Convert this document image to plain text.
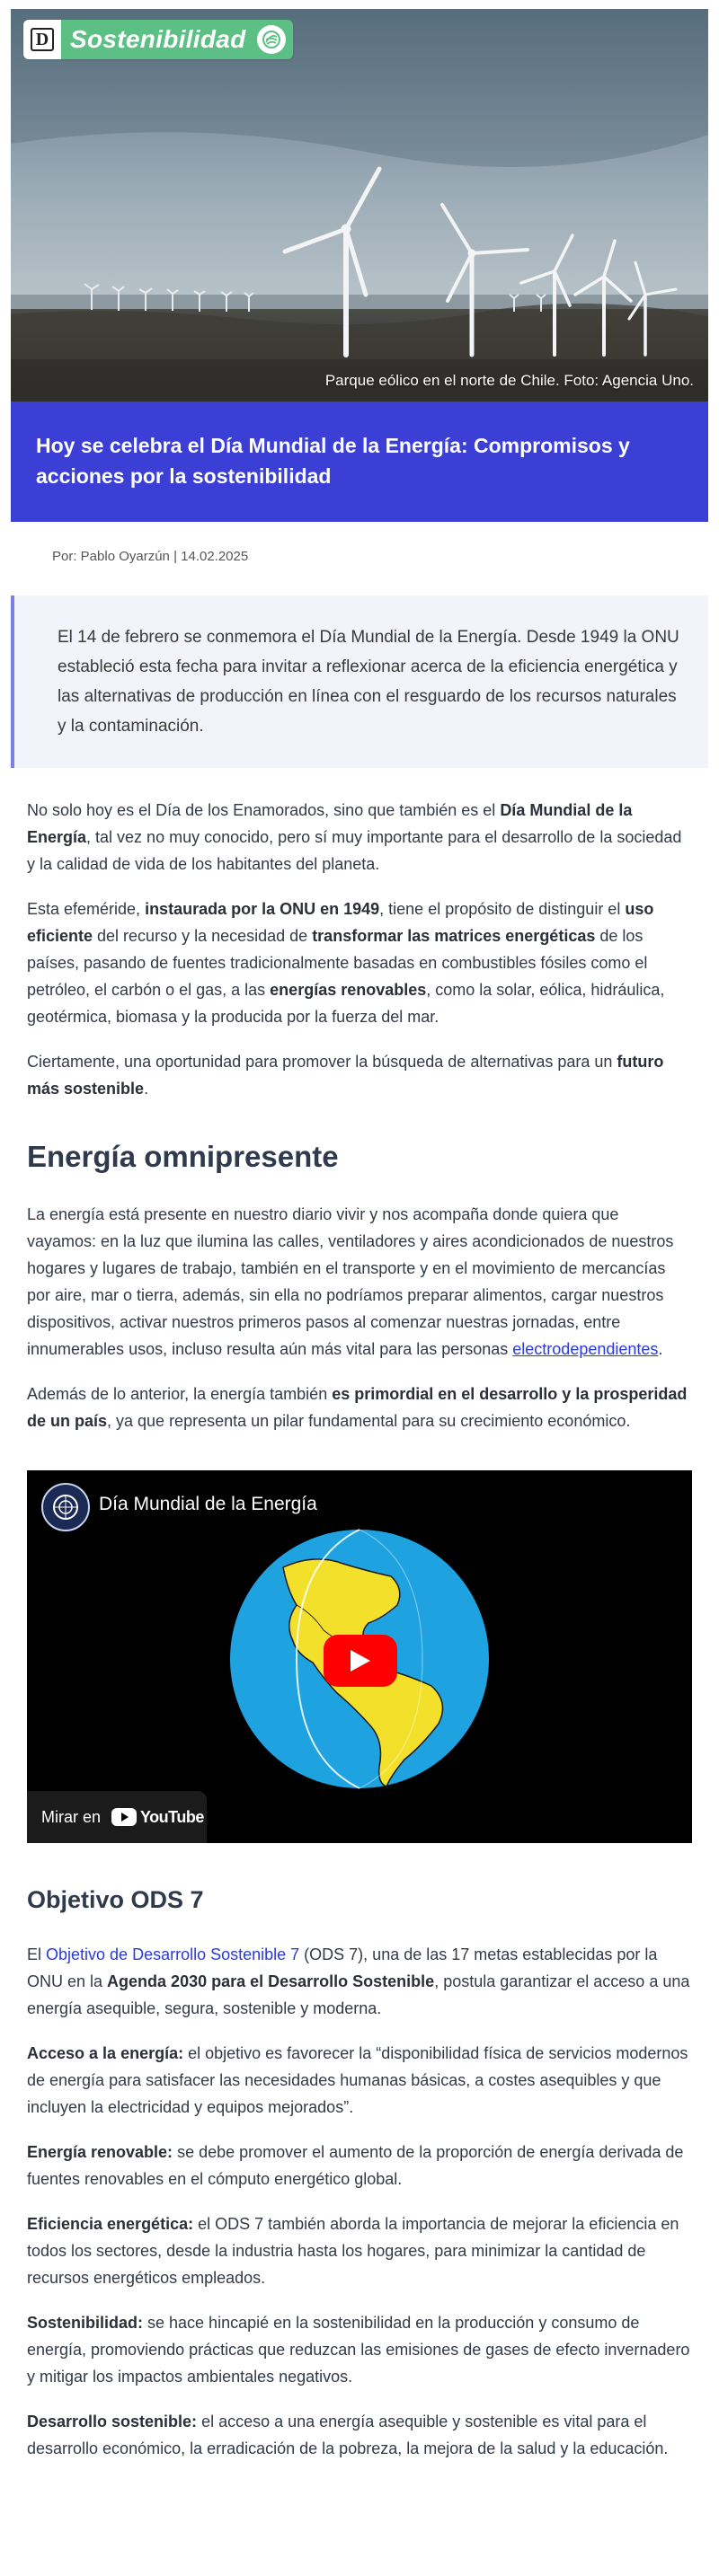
D Sostenibilidad
Parque eólico en el norte de Chile. Foto: Agencia Uno.
Hoy se celebra el Día Mundial de la Energía: Compromisos y acciones por la sostenibilidad
Por: Pablo Oyarzún | 14.02.2025

El 14 de febrero se conmemora el Día Mundial de la Energía. Desde 1949 la ONU estableció esta fecha para invitar a reflexionar acerca de la eficiencia energética y las alternativas de producción en línea con el resguardo de los recursos naturales y la contaminación.

No solo hoy es el Día de los Enamorados, sino que también es el Día Mundial de la Energía, tal vez no muy conocido, pero sí muy importante para el desarrollo de la sociedad y la calidad de vida de los habitantes del planeta.

Esta efeméride, instaurada por la ONU en 1949, tiene el propósito de distinguir el uso eficiente del recurso y la necesidad de transformar las matrices energéticas de los países, pasando de fuentes tradicionalmente basadas en combustibles fósiles como el petróleo, el carbón o el gas, a las energías renovables, como la solar, eólica, hidráulica, geotérmica, biomasa y la producida por la fuerza del mar.

Ciertamente, una oportunidad para promover la búsqueda de alternativas para un futuro más sostenible.

Energía omnipresente

La energía está presente en nuestro diario vivir y nos acompaña donde quiera que vayamos: en la luz que ilumina las calles, ventiladores y aires acondicionados de nuestros hogares y lugares de trabajo, también en el transporte y en el movimiento de mercancías por aire, mar o tierra, además, sin ella no podríamos preparar alimentos, cargar nuestros dispositivos, activar nuestros primeros pasos al comenzar nuestras jornadas, entre innumerables usos, incluso resulta aún más vital para las personas electrodependientes.

Además de lo anterior, la energía también es primordial en el desarrollo y la prosperidad de un país, ya que representa un pilar fundamental para su crecimiento económico.

Día Mundial de la Energía
Mirar en YouTube
Objetivo ODS 7

El Objetivo de Desarrollo Sostenible 7 (ODS 7), una de las 17 metas establecidas por la ONU en la Agenda 2030 para el Desarrollo Sostenible, postula garantizar el acceso a una energía asequible, segura, sostenible y moderna.

Acceso a la energía: el objetivo es favorecer la “disponibilidad física de servicios modernos de energía para satisfacer las necesidades humanas básicas, a costes asequibles y que incluyen la electricidad y equipos mejorados”.

Energía renovable: se debe promover el aumento de la proporción de energía derivada de fuentes renovables en el cómputo energético global.

Eficiencia energética: el ODS 7 también aborda la importancia de mejorar la eficiencia en todos los sectores, desde la industria hasta los hogares, para minimizar la cantidad de recursos energéticos empleados.

Sostenibilidad: se hace hincapié en la sostenibilidad en la producción y consumo de energía, promoviendo prácticas que reduzcan las emisiones de gases de efecto invernadero y mitigar los impactos ambientales negativos.

Desarrollo sostenible: el acceso a una energía asequible y sostenible es vital para el desarrollo económico, la erradicación de la pobreza, la mejora de la salud y la educación.
